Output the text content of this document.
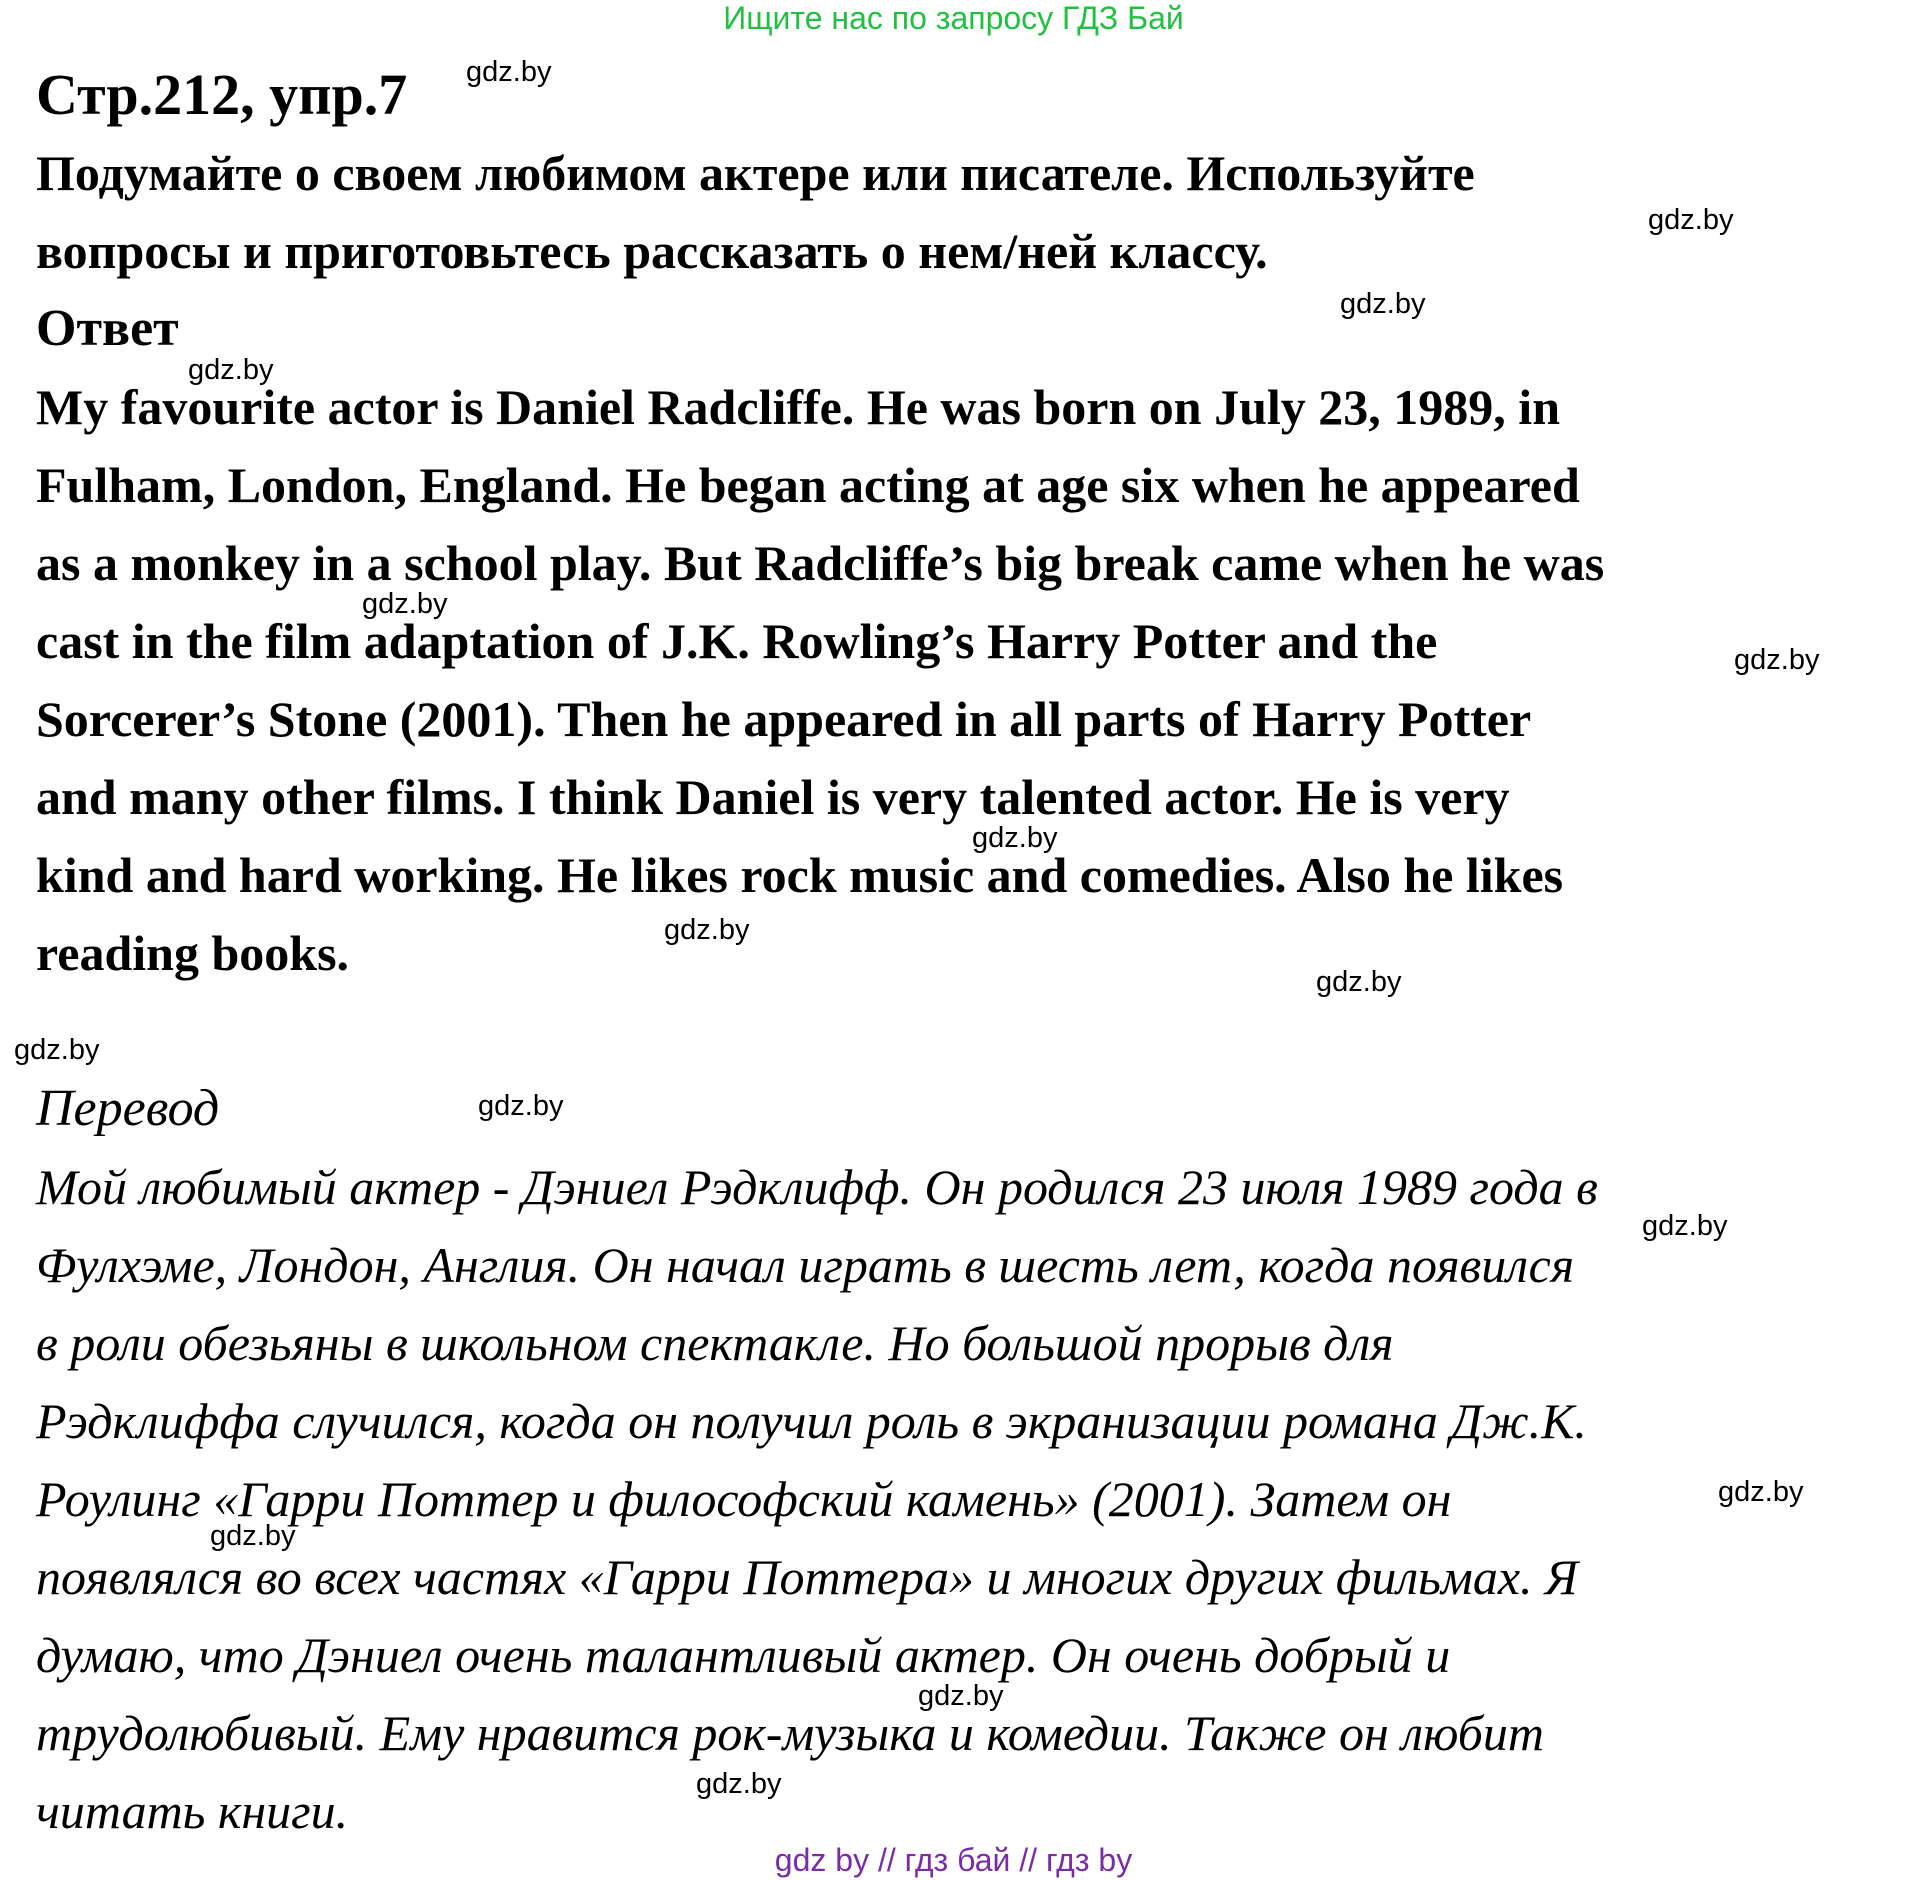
Ищите нас по запросу ГДЗ Бай

Стр.212, упр.7

Подумайте о своем любимом актере или писателе. Используйте
вопросы и приготовьтесь рассказать о нем/ней классу.

Ответ

My favourite actor is Daniel Radcliffe. He was born on July 23, 1989, in
Fulham, London, England. He began acting at age six when he appeared
as a monkey in a school play. But Radcliffe’s big break came when he was
cast in the film adaptation of J.K. Rowling’s Harry Potter and the
Sorcerer’s Stone (2001). Then he appeared in all parts of Harry Potter
and many other films. I think Daniel is very talented actor. He is very
kind and hard working. He likes rock music and comedies. Also he likes
reading books.

Перевод

Мой любимый актер - Дэниел Рэдклифф. Он родился 23 июля 1989 года в
Фулхэме, Лондон, Англия. Он начал играть в шесть лет, когда появился
в роли обезьяны в школьном спектакле. Но большой прорыв для
Рэдклиффа случился, когда он получил роль в экранизации романа Дж.К.
Роулинг «Гарри Поттер и философский камень» (2001). Затем он
появлялся во всех частях «Гарри Поттера» и многих других фильмах. Я
думаю, что Дэниел очень талантливый актер. Он очень добрый и
трудолюбивый. Ему нравится рок-музыка и комедии. Также он любит
читать книги.

gdz.by
gdz.by
gdz.by
gdz.by
gdz.by
gdz.by
gdz.by
gdz.by
gdz.by
gdz.by
gdz.by
gdz.by
gdz.by
gdz.by
gdz.by
gdz.by
gdz by // гдз бай // гдз by
